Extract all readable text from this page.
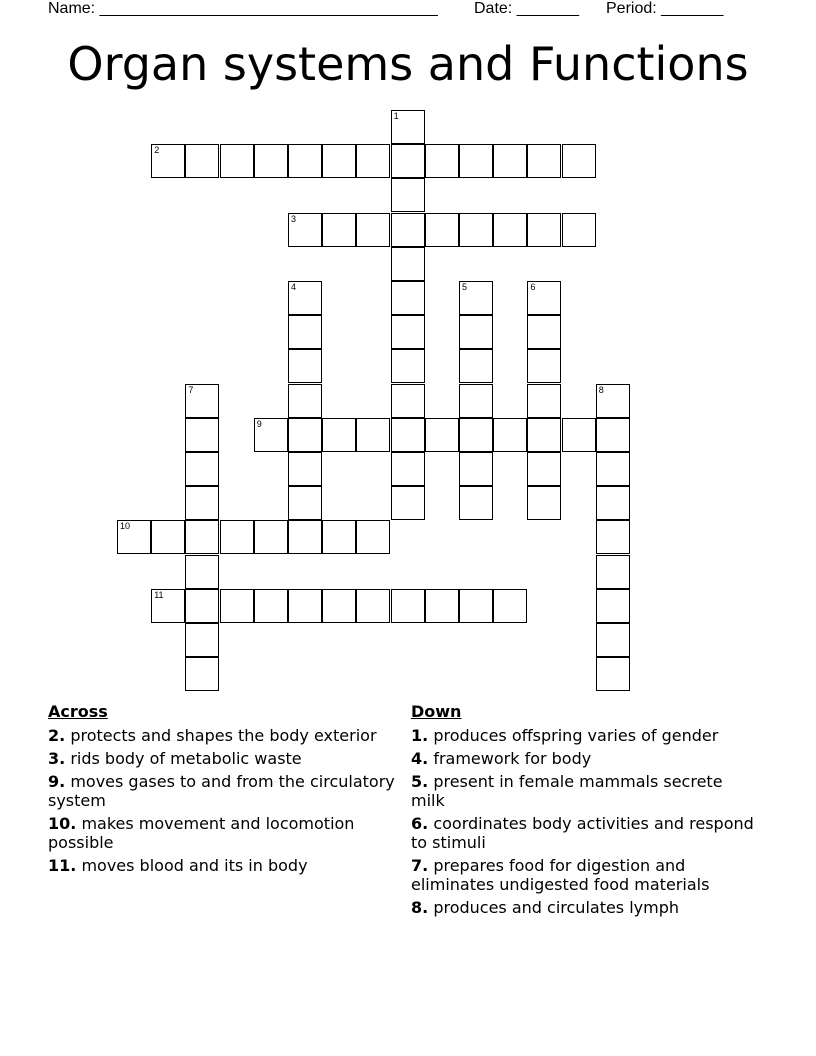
Name: ______________________________________ Date: _______ Period: _______
Organ systems and Functions
1
2
3
4	5	6
7	8
9
10
11
Across
2. protects and shapes the body exterior
3. rids body of metabolic waste
9. moves gases to and from the circulatory system
10. makes movement and locomotion possible
11. moves blood and its in body
Down
1. produces offspring varies of gender
4. framework for body
5. present in female mammals secrete milk
6. coordinates body activities and respond to stimuli
7. prepares food for digestion and eliminates undigested food materials
8. produces and circulates lymph
